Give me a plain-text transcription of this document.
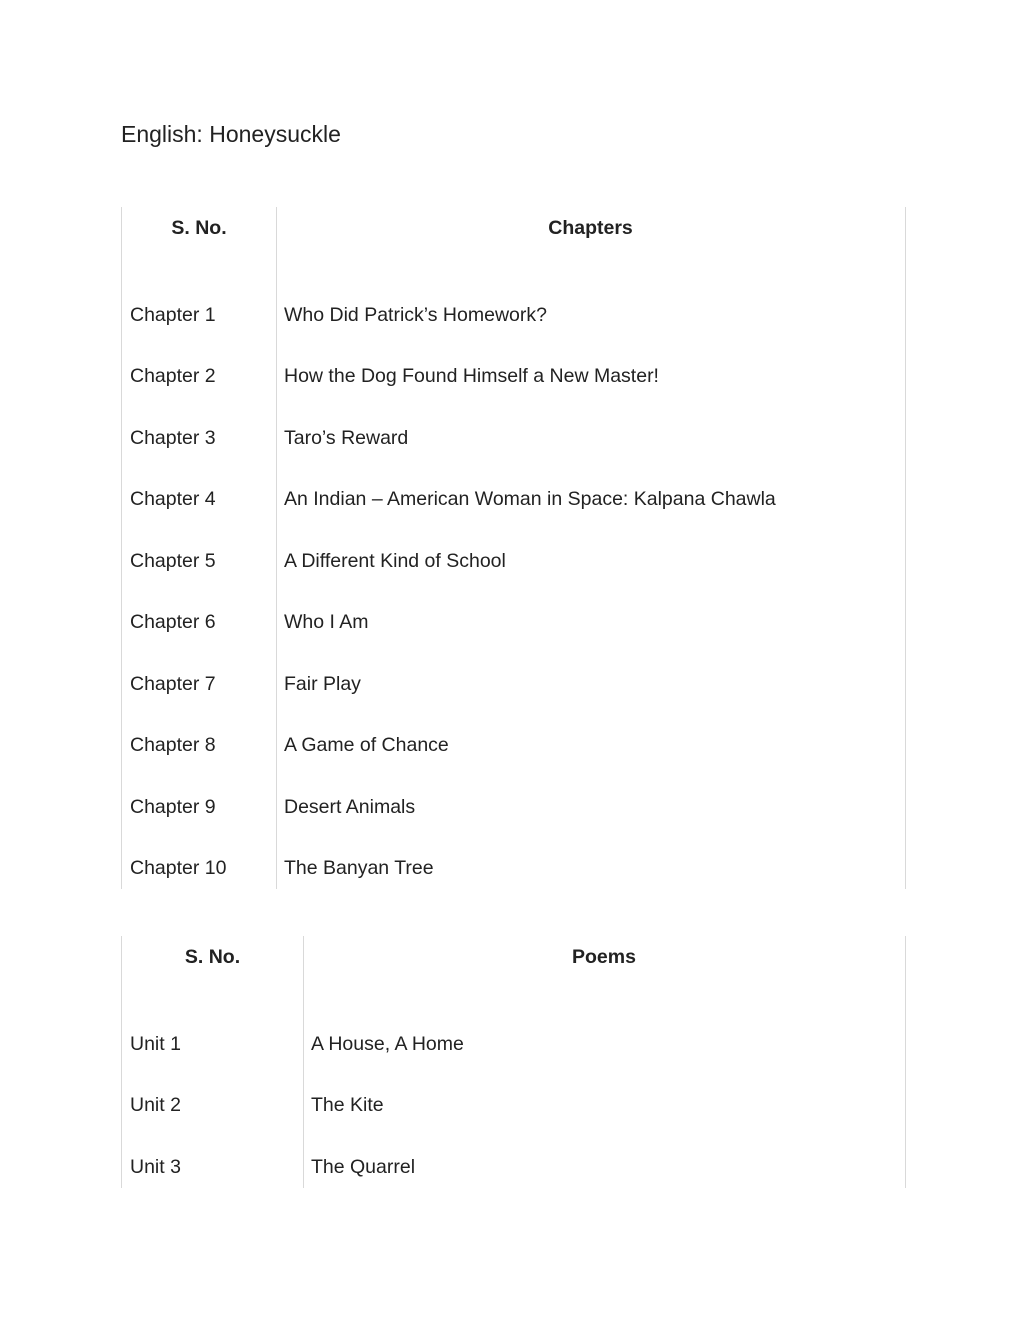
English: Honeysuckle
S. No.	Chapters
Chapter 1	Who Did Patrick’s Homework?
Chapter 2	How the Dog Found Himself a New Master!
Chapter 3	Taro’s Reward
Chapter 4	An Indian – American Woman in Space: Kalpana Chawla
Chapter 5	A Different Kind of School
Chapter 6	Who I Am
Chapter 7	Fair Play
Chapter 8	A Game of Chance
Chapter 9	Desert Animals
Chapter 10	The Banyan Tree
S. No.	Poems
Unit 1	A House, A Home
Unit 2	The Kite
Unit 3	The Quarrel
